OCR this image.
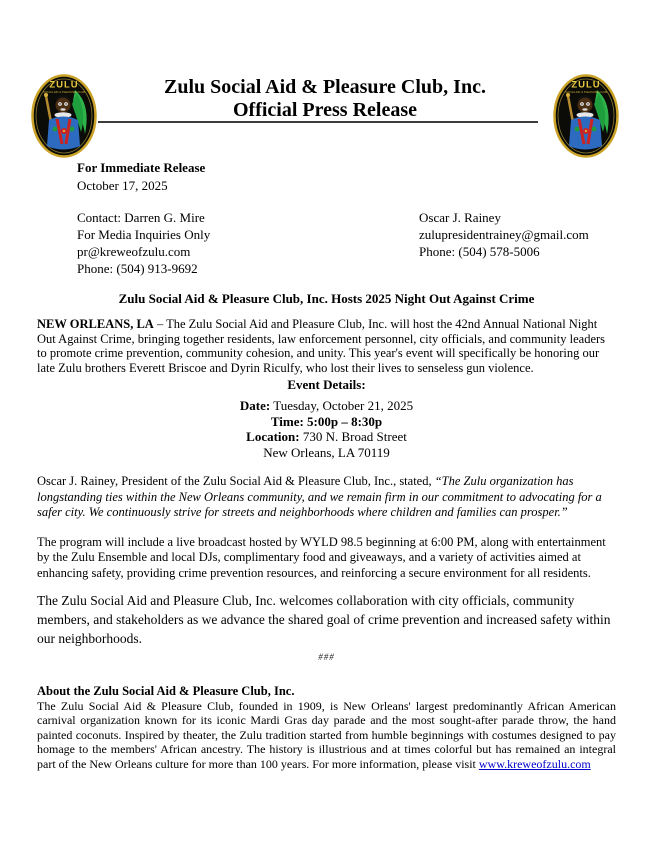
ZULU
SOCIAL AID & PLEASURE CLUB
ZULU
SOCIAL AID & PLEASURE CLUB
Zulu Social Aid & Pleasure Club, Inc.
Official Press Release
For Immediate Release
October 17, 2025
Contact: Darren G. Mire
For Media Inquiries Only
pr@kreweofzulu.com
Phone: (504) 913-9692
Oscar J. Rainey
zulupresidentrainey@gmail.com
Phone: (504) 578-5006
Zulu Social Aid & Pleasure Club, Inc. Hosts 2025 Night Out Against Crime
NEW ORLEANS, LA – The Zulu Social Aid and Pleasure Club, Inc. will host the 42nd Annual National Night Out Against Crime, bringing together residents, law enforcement personnel, city officials, and community leaders to promote crime prevention, community cohesion, and unity. This year's event will specifically be honoring our late Zulu brothers Everett Briscoe and Dyrin Riculfy, who lost their lives to senseless gun violence.
Event Details:
Date: Tuesday, October 21, 2025
Time: 5:00p – 8:30p
Location: 730 N. Broad Street
New Orleans, LA 70119
Oscar J. Rainey, President of the Zulu Social Aid & Pleasure Club, Inc., stated, “The Zulu organization has longstanding ties within the New Orleans community, and we remain firm in our commitment to advocating for a safer city. We continuously strive for streets and neighborhoods where children and families can prosper.”
The program will include a live broadcast hosted by WYLD 98.5 beginning at 6:00 PM, along with entertainment by the Zulu Ensemble and local DJs, complimentary food and giveaways, and a variety of activities aimed at enhancing safety, providing crime prevention resources, and reinforcing a secure environment for all residents.
The Zulu Social Aid and Pleasure Club, Inc. welcomes collaboration with city officials, community members, and stakeholders as we advance the shared goal of crime prevention and increased safety within our neighborhoods.
###
About the Zulu Social Aid & Pleasure Club, Inc.
The Zulu Social Aid & Pleasure Club, founded in 1909, is New Orleans' largest predominantly African American carnival organization known for its iconic Mardi Gras day parade and the most sought-after parade throw, the hand painted coconuts. Inspired by theater, the Zulu tradition started from humble beginnings with costumes designed to pay homage to the members' African ancestry. The history is illustrious and at times colorful but has remained an integral part of the New Orleans culture for more than 100 years. For more information, please visit www.kreweofzulu.com
